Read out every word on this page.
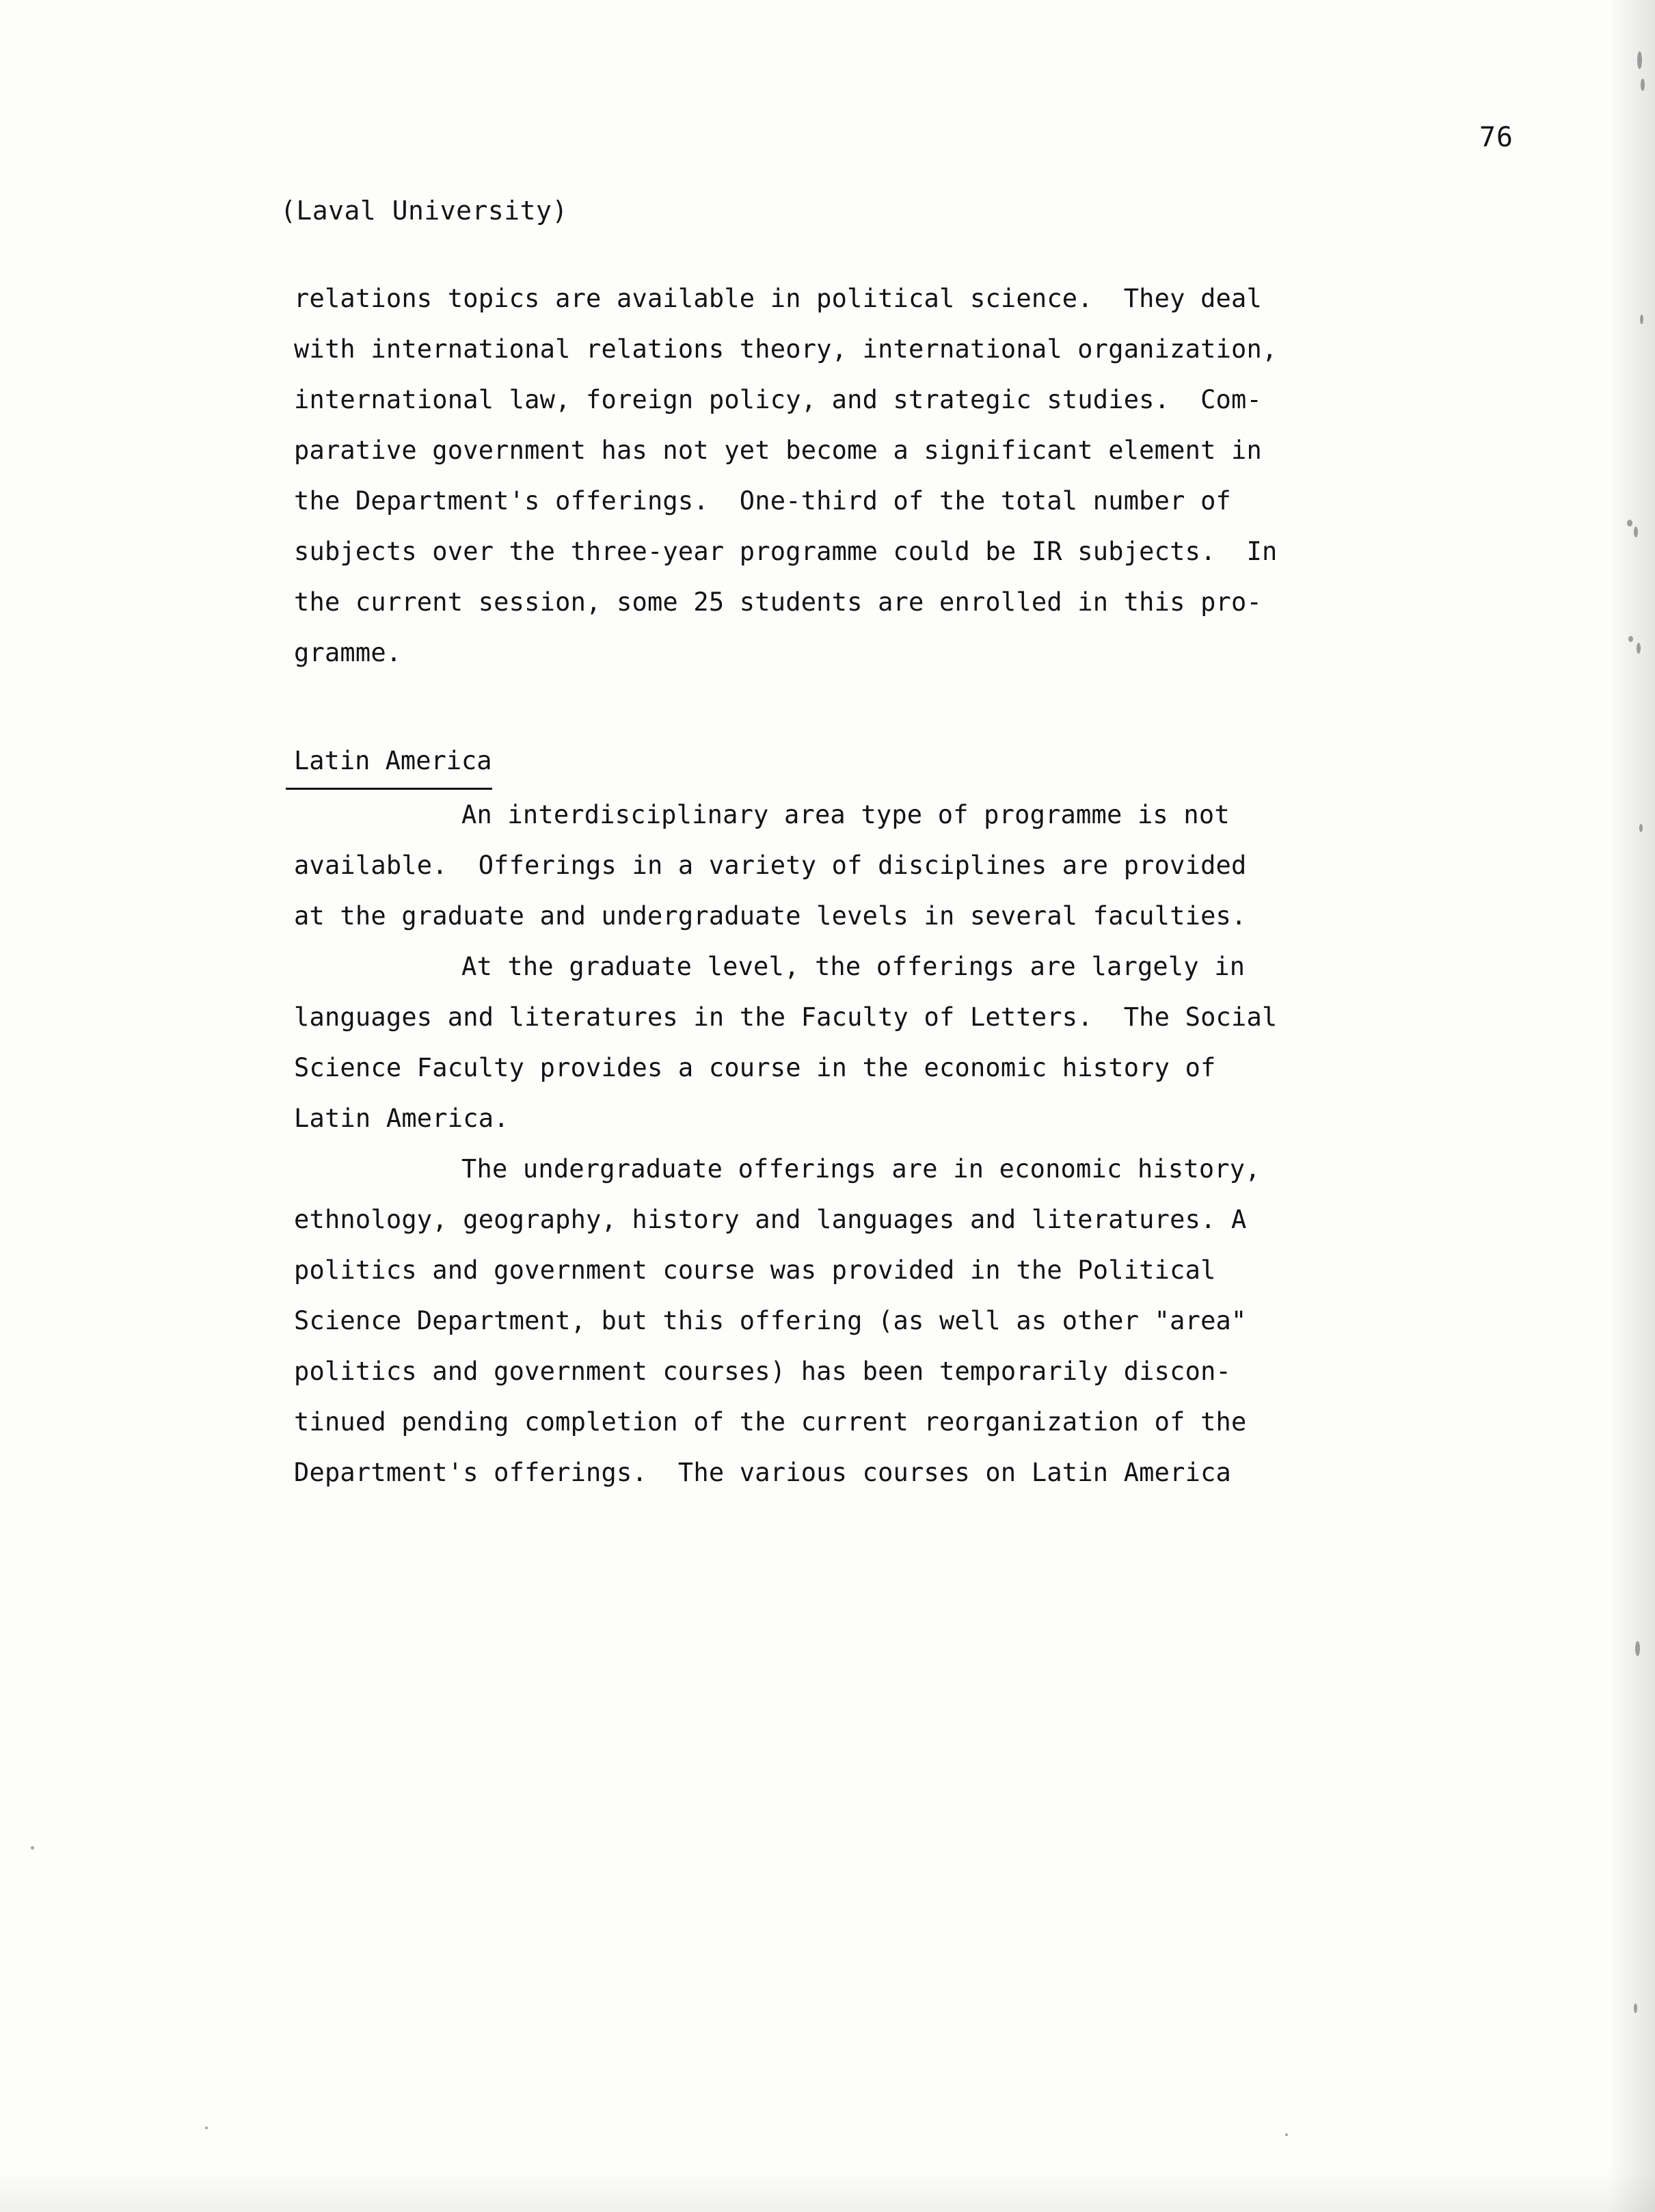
76
(Laval University)
relations topics are available in political science.  They deal
with international relations theory, international organization,
international law, foreign policy, and strategic studies.  Com-
parative government has not yet become a significant element in
the Department's offerings.  One-third of the total number of
subjects over the three-year programme could be IR subjects.  In
the current session, some 25 students are enrolled in this pro-
gramme.
Latin America
An interdisciplinary area type of programme is not
available.  Offerings in a variety of disciplines are provided
at the graduate and undergraduate levels in several faculties.
At the graduate level, the offerings are largely in
languages and literatures in the Faculty of Letters.  The Social
Science Faculty provides a course in the economic history of
Latin America.
The undergraduate offerings are in economic history,
ethnology, geography, history and languages and literatures. A
politics and government course was provided in the Political
Science Department, but this offering (as well as other "area"
politics and government courses) has been temporarily discon-
tinued pending completion of the current reorganization of the
Department's offerings.  The various courses on Latin America
